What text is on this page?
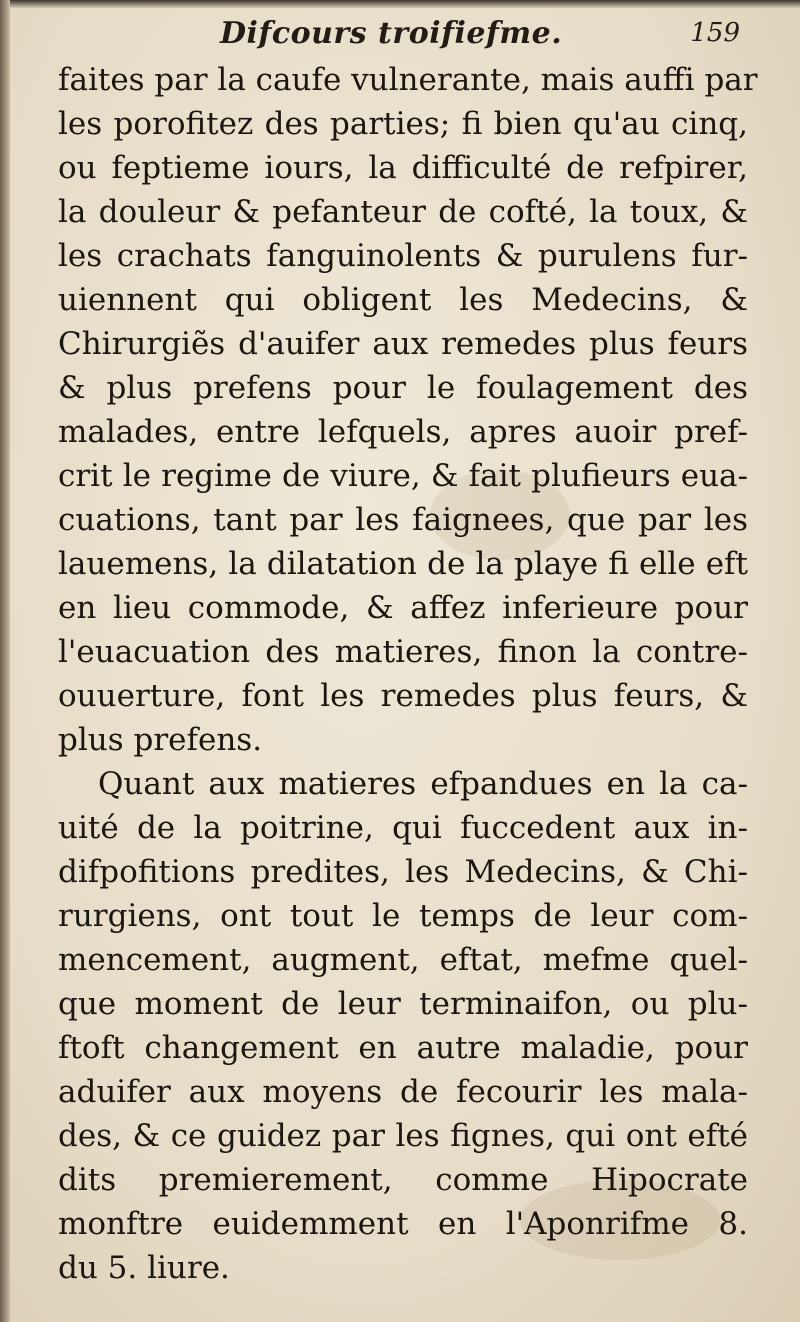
Difcours troifiefme.	159
faites par la caufe vulnerante, mais auffi par
les porofitez des parties; fi bien qu'au cinq,
ou feptieme iours, la difficulté de refpirer,
la douleur & pefanteur de cofté, la toux, &
les crachats fanguinolents & purulens fur-
uiennent qui obligent les Medecins, &
Chirurgiẽs d'auifer aux remedes plus feurs
& plus prefens pour le foulagement des
malades, entre lefquels, apres auoir pref-
crit le regime de viure, & fait plufieurs eua-
cuations, tant par les faignees, que par les
lauemens, la dilatation de la playe fi elle eft
en lieu commode, & affez inferieure pour
l'euacuation des matieres, finon la contre-
ouuerture, font les remedes plus feurs, &
plus prefens.
Quant aux matieres efpandues en la ca-
uité de la poitrine, qui fuccedent aux in-
difpofitions predites, les Medecins, & Chi-
rurgiens, ont tout le temps de leur com-
mencement, augment, eftat, mefme quel-
que moment de leur terminaifon, ou plu-
ftoft changement en autre maladie, pour
aduifer aux moyens de fecourir les mala-
des, & ce guidez par les fignes, qui ont efté
dits premierement, comme Hipocrate
monftre euidemment en l'Aponrifme 8.
du 5. liure.
